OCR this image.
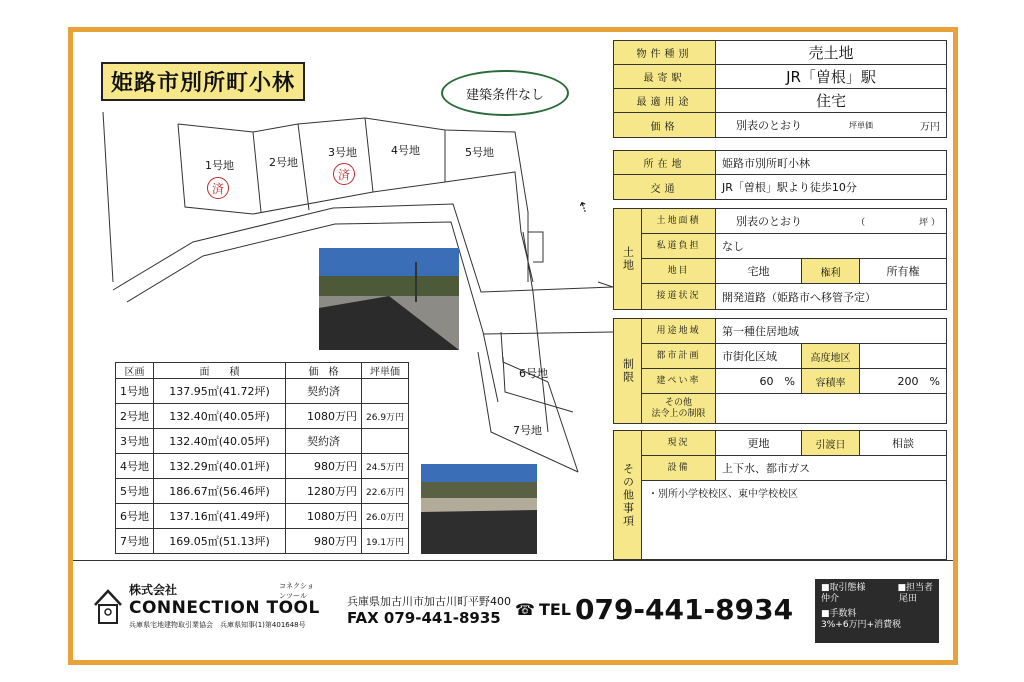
姫路市別所町小林	建築条件なし
1号地
済
2号地
3号地
済
4号地	5号地
6号地
7号地
⇡
区画	面　　積	価　格	坪単価
1号地	137.95㎡(41.72坪)	契約済	
2号地	132.40㎡(40.05坪)	1080万円	26.9万円
3号地	132.40㎡(40.05坪)	契約済	
4号地	132.29㎡(40.01坪)	980万円	24.5万円
5号地	186.67㎡(56.46坪)	1280万円	22.6万円
6号地	137.16㎡(41.49坪)	1080万円	26.0万円
7号地	169.05㎡(51.13坪)	980万円	19.1万円
物件種別	売土地
最寄駅	JR「曽根」駅
最適用途	住宅
価格	別表のとおり	坪単価	万円
所在地	姫路市別所町小林
交通	JR「曽根」駅より徒歩10分
土地
土地面積	別表のとおり	（　　　　　　坪 ）
私道負担	なし
地目	宅地	権利	所有権
接道状況	開発道路（姫路市へ移管予定）
制限
用途地域	第一種住居地域
都市計画	市街化区域	高度地区
建ぺい率	60　%	容積率	200　%
その他
法令上の制限
その他事項
現況	更地	引渡日	相談
設備	上下水、都市ガス
・別所小学校校区、東中学校校区
株式会社	コネクションツール
CONNECTION TOOL
兵庫県宅地建物取引業協会　兵庫県知事(1)第401648号
兵庫県加古川市加古川町平野400
FAX 079-441-8935 ☎ TEL 079-441-8934
■取引態様	■担当者
仲介	尾田
■手数料
3%+6万円+消費税
